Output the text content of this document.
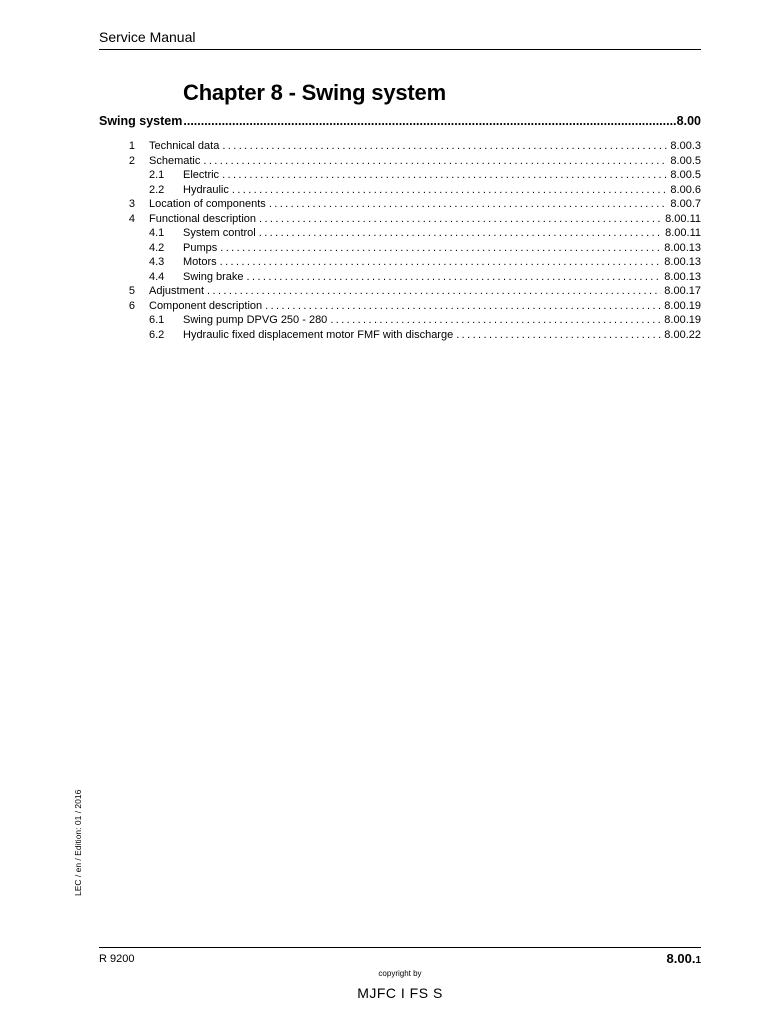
Service Manual
Chapter 8 - Swing system
Swing system .....	8.00
1 Technical data .....	8.00.3
2 Schematic .....	8.00.5
2.1	Electric .....	8.00.5
2.2	Hydraulic .....	8.00.6
3 Location of components .....	8.00.7
4 Functional description .....	8.00.11
4.1	System control .....	8.00.11
4.2	Pumps .....	8.00.13
4.3	Motors .....	8.00.13
4.4	Swing brake .....	8.00.13
5 Adjustment .....	8.00.17
6 Component description .....	8.00.19
6.1	Swing pump DPVG 250 - 280 .....	8.00.19
6.2	Hydraulic fixed displacement motor FMF with discharge .....	8.00.22
LEC / en / Edition: 01 / 2016
R 9200	8.00.1
copyright by
MJFC I FS S
